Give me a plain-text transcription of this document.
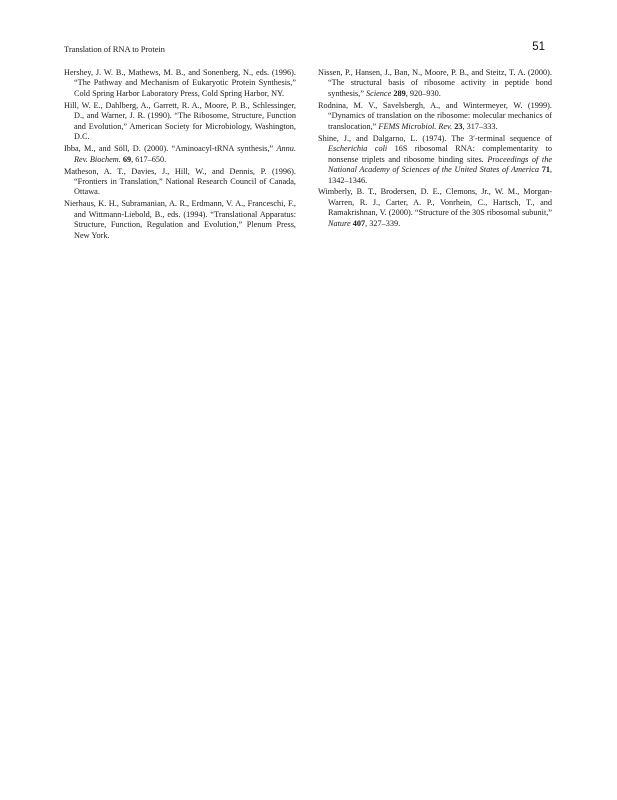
Translation of RNA to Protein	51

Hershey, J. W. B., Mathews, M. B., and Sonenberg, N., eds. (1996). “The Pathway and Mechanism of Eukaryotic Protein Synthesis,” Cold Spring Harbor Laboratory Press, Cold Spring Harbor, NY.

Hill, W. E., Dahlberg, A., Garrett, R. A., Moore, P. B., Schlessinger, D., and Warner, J. R. (1990). “The Ribosome, Structure, Function and Evolution,” American Society for Microbiology, Washington, D.C.

Ibba, M., and Söll, D. (2000). “Aminoacyl-tRNA synthesis,” Annu. Rev. Biochem. 69, 617–650.

Matheson, A. T., Davies, J., Hill, W., and Dennis, P. (1996). “Frontiers in Translation,” National Research Council of Canada, Ottawa.

Nierhaus, K. H., Subramanian, A. R., Erdmann, V. A., Franceschi, F., and Wittmann-Liebold, B., eds. (1994). “Translational Apparatus: Structure, Function, Regulation and Evolution,” Plenum Press, New York.

Nissen, P., Hansen, J., Ban, N., Moore, P. B., and Steitz, T. A. (2000). “The structural basis of ribosome activity in peptide bond synthesis,” Science 289, 920–930.

Rodnina, M. V., Savelsbergh, A., and Wintermeyer, W. (1999). “Dynamics of translation on the ribosome: molecular mechanics of translocation,” FEMS Microbiol. Rev. 23, 317–333.

Shine, J., and Dalgarno, L. (1974). The 3′-terminal sequence of Escherichia coli 16S ribosomal RNA: complementarity to nonsense triplets and ribosome binding sites. Proceedings of the National Academy of Sciences of the United States of America 71, 1342–1346.

Wimberly, B. T., Brodersen, D. E., Clemons, Jr., W. M., Morgan-Warren, R. J., Carter, A. P., Vonrhein, C., Hartsch, T., and Ramakrishnan, V. (2000). “Structure of the 30S ribosomal subunit,” Nature 407, 327–339.
